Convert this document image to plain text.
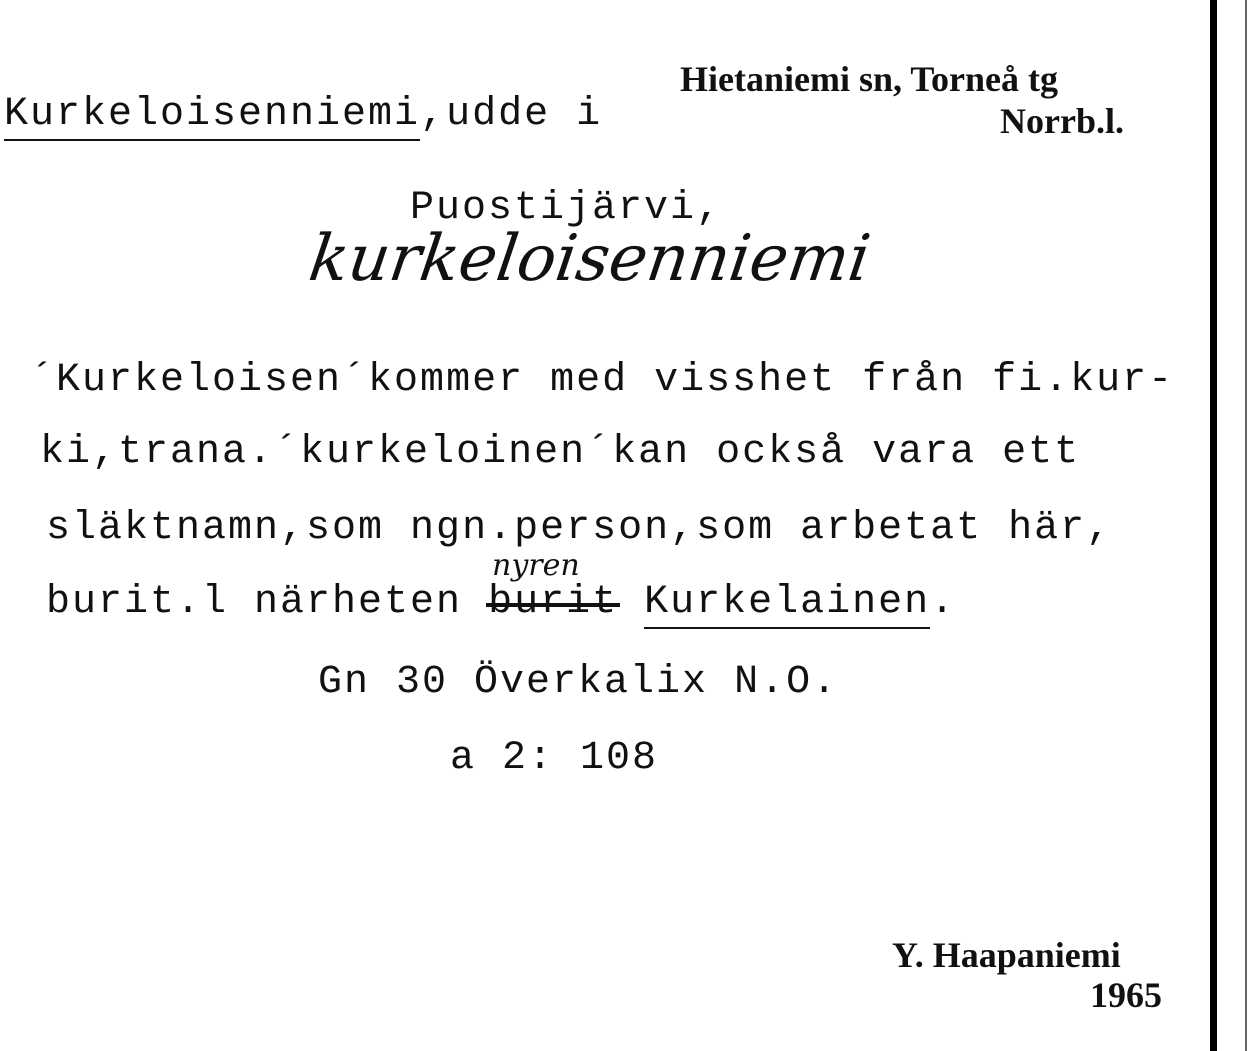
Kurkeloisenniemi,udde i
Hietaniemi sn, Torneå tg
Norrb.l.
Puostijärvi,
kurkeloisenniemi
´Kurkeloisen´kommer med visshet från fi.kur-
ki,trana.´kurkeloinen´kan också vara ett
släktnamn,som ngn.person,som arbetat här,
burit.l närheten burit Kurkelainen.
nyren
Gn 30 Överkalix N.O.
a 2: 108
Y. Haapaniemi
1965
